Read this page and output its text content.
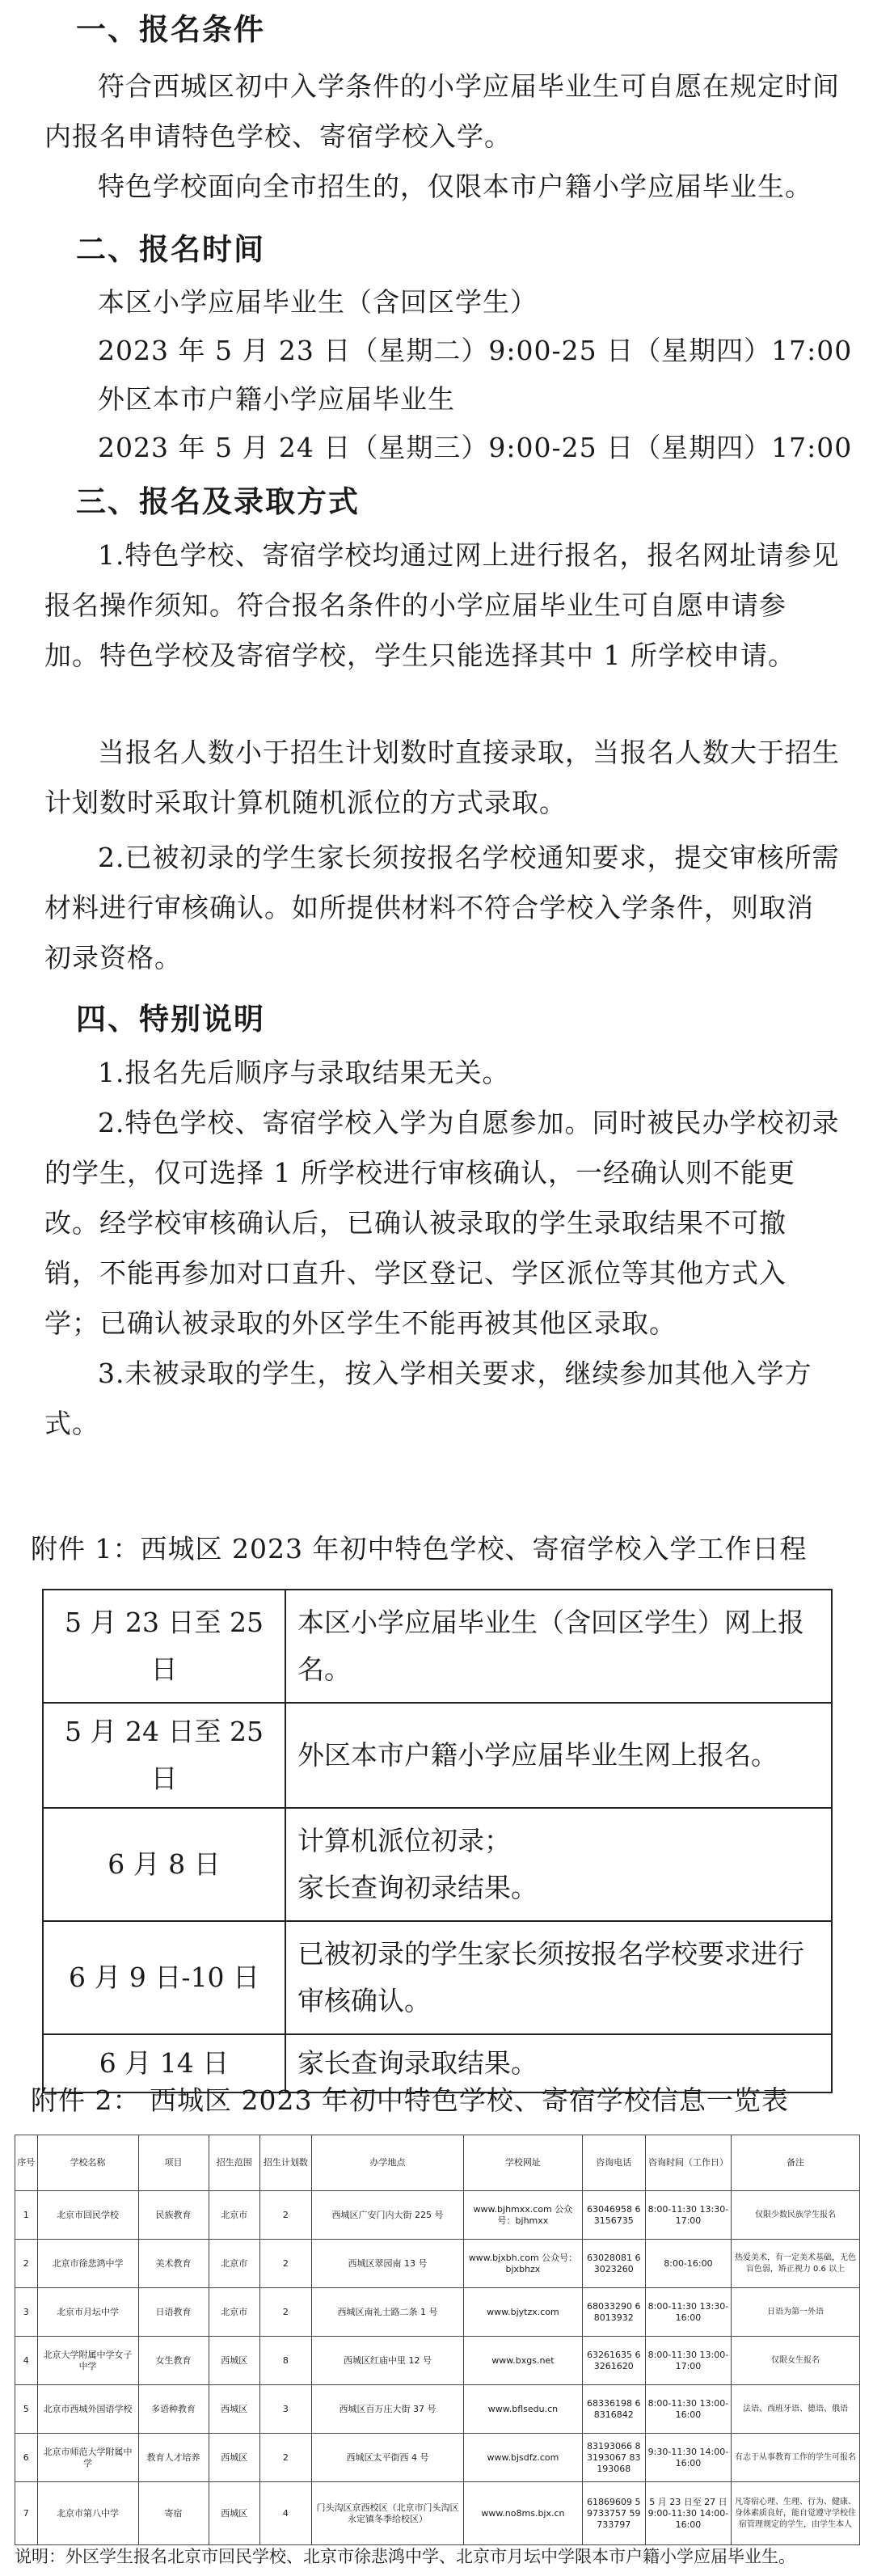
一、报名条件
符合西城区初中入学条件的小学应届毕业生可自愿在规定时间内报名申请特色学校、寄宿学校入学。
特色学校面向全市招生的，仅限本市户籍小学应届毕业生。
二、报名时间
本区小学应届毕业生（含回区学生）
2023 年 5 月 23 日（星期二）9:00-25 日（星期四）17:00
外区本市户籍小学应届毕业生
2023 年 5 月 24 日（星期三）9:00-25 日（星期四）17:00
三、报名及录取方式
1.特色学校、寄宿学校均通过网上进行报名，报名网址请参见报名操作须知。符合报名条件的小学应届毕业生可自愿申请参加。特色学校及寄宿学校，学生只能选择其中 1 所学校申请。
当报名人数小于招生计划数时直接录取，当报名人数大于招生计划数时采取计算机随机派位的方式录取。
2.已被初录的学生家长须按报名学校通知要求，提交审核所需材料进行审核确认。如所提供材料不符合学校入学条件，则取消初录资格。
四、特别说明
1.报名先后顺序与录取结果无关。
2.特色学校、寄宿学校入学为自愿参加。同时被民办学校初录的学生，仅可选择 1 所学校进行审核确认，一经确认则不能更改。经学校审核确认后，已确认被录取的学生录取结果不可撤销，不能再参加对口直升、学区登记、学区派位等其他方式入学；已确认被录取的外区学生不能再被其他区录取。
3.未被录取的学生，按入学相关要求，继续参加其他入学方式。
附件 1：西城区 2023 年初中特色学校、寄宿学校入学工作日程
5 月 23 日至 25 日	本区小学应届毕业生（含回区学生）网上报名。
5 月 24 日至 25 日	外区本市户籍小学应届毕业生网上报名。
6 月 8 日	计算机派位初录；
家长查询初录结果。

6 月 9 日-10 日	已被初录的学生家长须按报名学校要求进行审核确认。
6 月 14 日	家长查询录取结果。
附件 2： 西城区 2023 年初中特色学校、寄宿学校信息一览表
序号	学校名称	项目	招生范围	招生计划数	办学地点	学校网址	咨询电话	咨询时间（工作日）	备注
1	北京市回民学校	民族教育	北京市	2	西城区广安门内大街 225 号	www.bjhmxx.com 公众号：bjhmxx	63046958 63156735	8:00-11:30 13:30-17:00	仅限少数民族学生报名
2	北京市徐悲鸿中学	美术教育	北京市	2	西城区翠园南 13 号	www.bjxbh.com 公众号：bjxbhzx	63028081 63023260	8:00-16:00	热爱美术，有一定美术基础，无色盲色弱，矫正视力 0.6 以上
3	北京市月坛中学	日语教育	北京市	2	西城区南礼士路二条 1 号	www.bjytzx.com	68033290 68013932	8:00-11:30 13:30-16:00	日语为第一外语
4	北京大学附属中学女子中学	女生教育	西城区	8	西城区红庙中里 12 号	www.bxgs.net	63261635 63261620	8:00-11:30 13:00-17:00	仅限女生报名
5	北京市西城外国语学校	多语种教育	西城区	3	西城区百万庄大街 37 号	www.bflsedu.cn	68336198 68316842	8:00-11:30 13:00-16:00	法语、西班牙语、德语、俄语
6	北京市师范大学附属中学	教育人才培养	西城区	2	西城区太平街西 4 号	www.bjsdfz.com	83193066 83193067 83193068	9:30-11:30 14:00-16:00	有志于从事教育工作的学生可报名
7	北京市第八中学	寄宿	西城区	4	门头沟区京西校区（北京市门头沟区永定镇冬季给校区）	www.no8ms.bjx.cn	61869609 59733757 59733797	5 月 23 日至 27 日 9:00-11:30 14:00-16:00	凡寄宿心理、生理、行为、健康、身体素质良好，能自觉遵守学校住宿管理规定的学生，由学生本人
说明：外区学生报名北京市回民学校、北京市徐悲鸿中学、北京市月坛中学限本市户籍小学应届毕业生。
